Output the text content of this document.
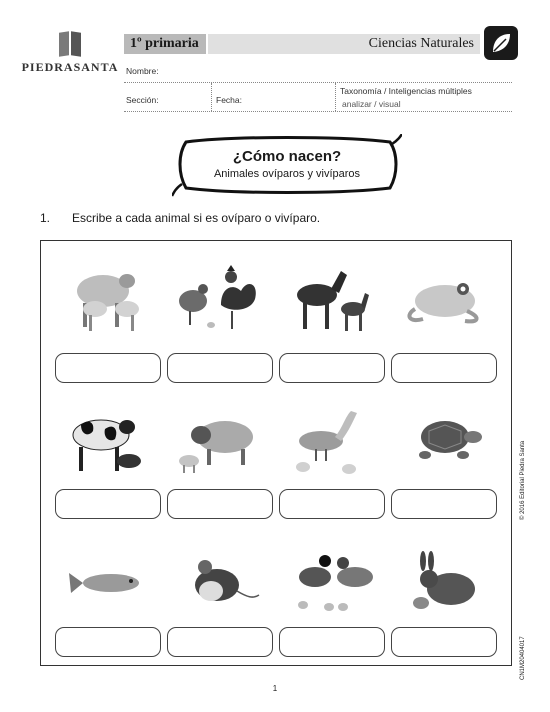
PIEDRASANTA
1º primaria	Ciencias Naturales
Nombre:
Sección:	Fecha:
Taxonomía / Inteligencias múltiples
analizar / visual
¿Cómo nacen?
Animales ovíparos y vivíparos
1. Escribe a cada animal si es ovíparo o vivíparo.
1
© 2016 Editorial Piedra Santa
CN1M20404017
